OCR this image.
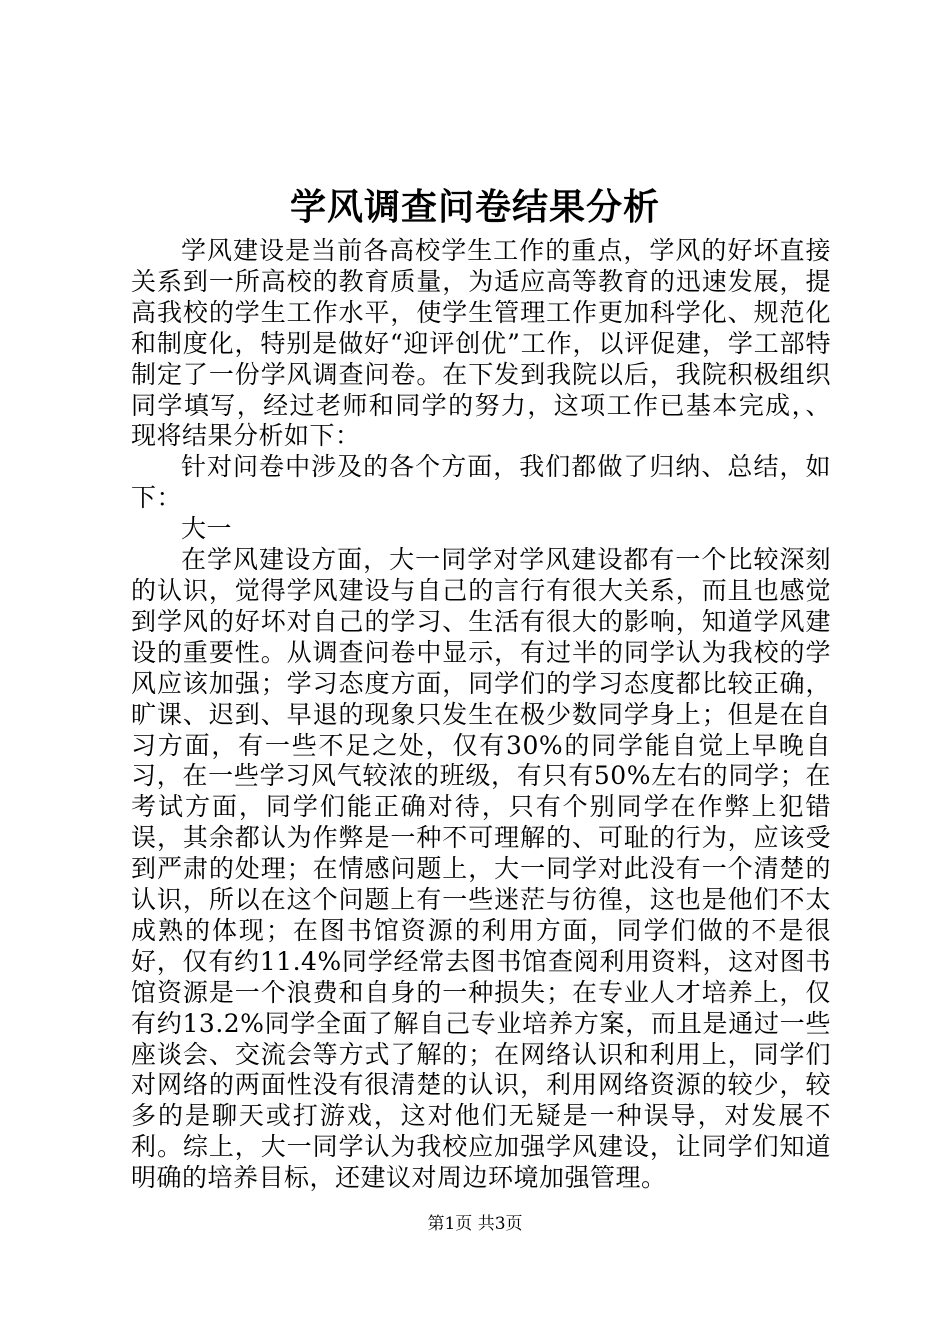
学风调查问卷结果分析

学风建设是当前各高校学生工作的重点，学风的好坏直接关系到一所高校的教育质量，为适应高等教育的迅速发展，提高我校的学生工作水平，使学生管理工作更加科学化、规范化和制度化，特别是做好“迎评创优”工作，以评促建，学工部特制定了一份学风调查问卷。在下发到我院以后，我院积极组织同学填写，经过老师和同学的努力，这项工作已基本完成，、现将结果分析如下：

针对问卷中涉及的各个方面，我们都做了归纳、总结，如下：

大一

在学风建设方面，大一同学对学风建设都有一个比较深刻的认识，觉得学风建设与自己的言行有很大关系，而且也感觉到学风的好坏对自己的学习、生活有很大的影响，知道学风建设的重要性。从调查问卷中显示，有过半的同学认为我校的学风应该加强；学习态度方面，同学们的学习态度都比较正确，旷课、迟到、早退的现象只发生在极少数同学身上；但是在自习方面，有一些不足之处，仅有30%的同学能自觉上早晚自习，在一些学习风气较浓的班级，有只有50%左右的同学；在考试方面，同学们能正确对待，只有个别同学在作弊上犯错误，其余都认为作弊是一种不可理解的、可耻的行为，应该受到严肃的处理；在情感问题上，大一同学对此没有一个清楚的认识，所以在这个问题上有一些迷茫与彷徨，这也是他们不太成熟的体现；在图书馆资源的利用方面，同学们做的不是很好，仅有约11.4%同学经常去图书馆查阅利用资料，这对图书馆资源是一个浪费和自身的一种损失；在专业人才培养上，仅有约13.2%同学全面了解自己专业培养方案，而且是通过一些座谈会、交流会等方式了解的；在网络认识和利用上，同学们对网络的两面性没有很清楚的认识，利用网络资源的较少，较多的是聊天或打游戏，这对他们无疑是一种误导，对发展不利。综上，大一同学认为我校应加强学风建设，让同学们知道明确的培养目标，还建议对周边环境加强管理。

第1页 共3页
